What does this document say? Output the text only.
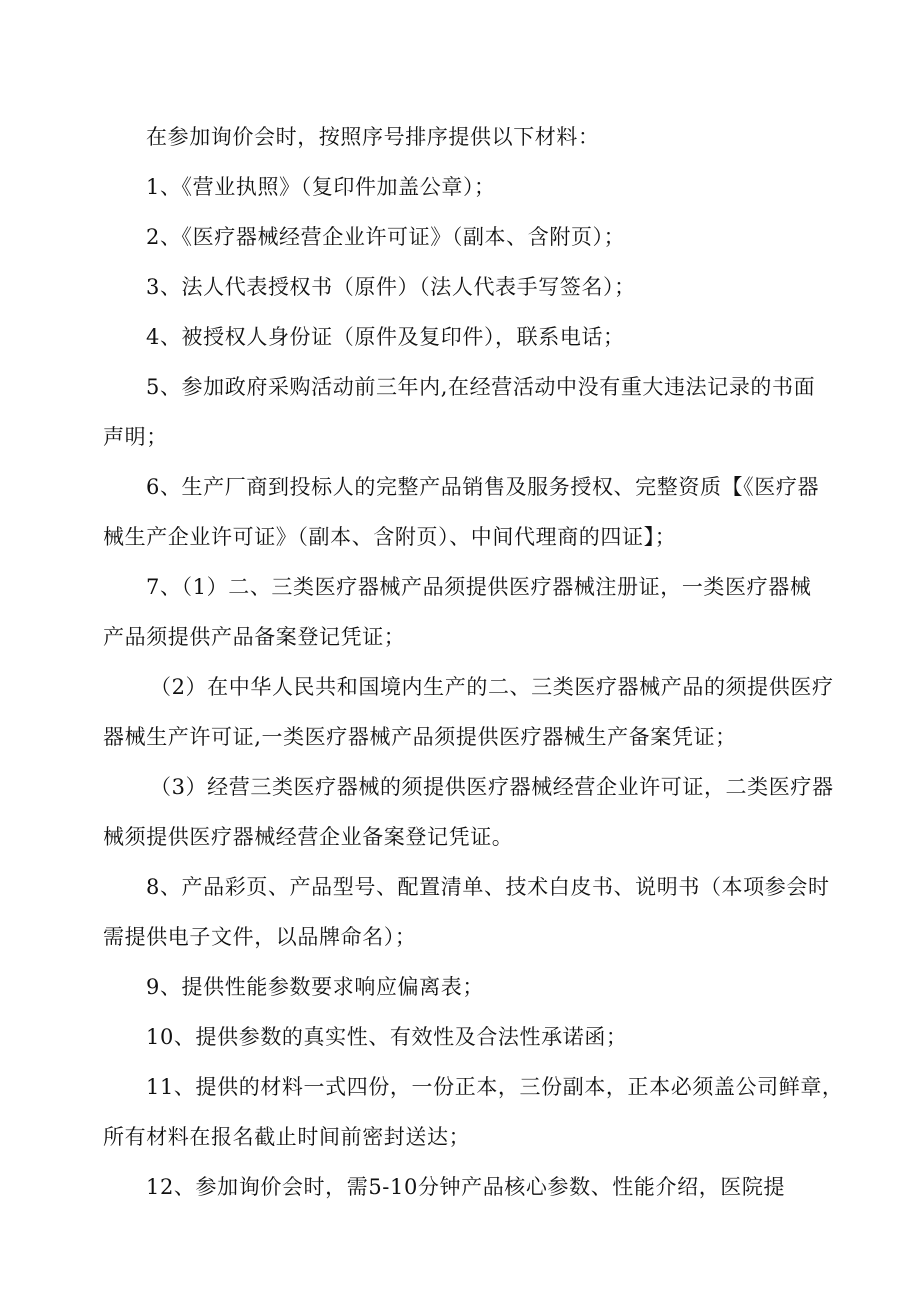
在参加询价会时，按照序号排序提供以下材料：
1、《营业执照》（复印件加盖公章）；
2、《医疗器械经营企业许可证》（副本、含附页）；
3、法人代表授权书（原件）（法人代表手写签名）；
4、被授权人身份证（原件及复印件），联系电话；
5、参加政府采购活动前三年内,在经营活动中没有重大违法记录的书面
声明；
6、生产厂商到投标人的完整产品销售及服务授权、完整资质【《医疗器
械生产企业许可证》（副本、含附页）、中间代理商的四证】；
7、（1）二、三类医疗器械产品须提供医疗器械注册证，一类医疗器械
产品须提供产品备案登记凭证；
（2）在中华人民共和国境内生产的二、三类医疗器械产品的须提供医疗
器械生产许可证,一类医疗器械产品须提供医疗器械生产备案凭证；
（3）经营三类医疗器械的须提供医疗器械经营企业许可证，二类医疗器
械须提供医疗器械经营企业备案登记凭证。
8、产品彩页、产品型号、配置清单、技术白皮书、说明书（本项参会时
需提供电子文件，以品牌命名）；
9、提供性能参数要求响应偏离表；
10、提供参数的真实性、有效性及合法性承诺函；
11、提供的材料一式四份，一份正本，三份副本，正本必须盖公司鲜章，
所有材料在报名截止时间前密封送达；
12、参加询价会时，需5-10分钟产品核心参数、性能介绍，医院提
